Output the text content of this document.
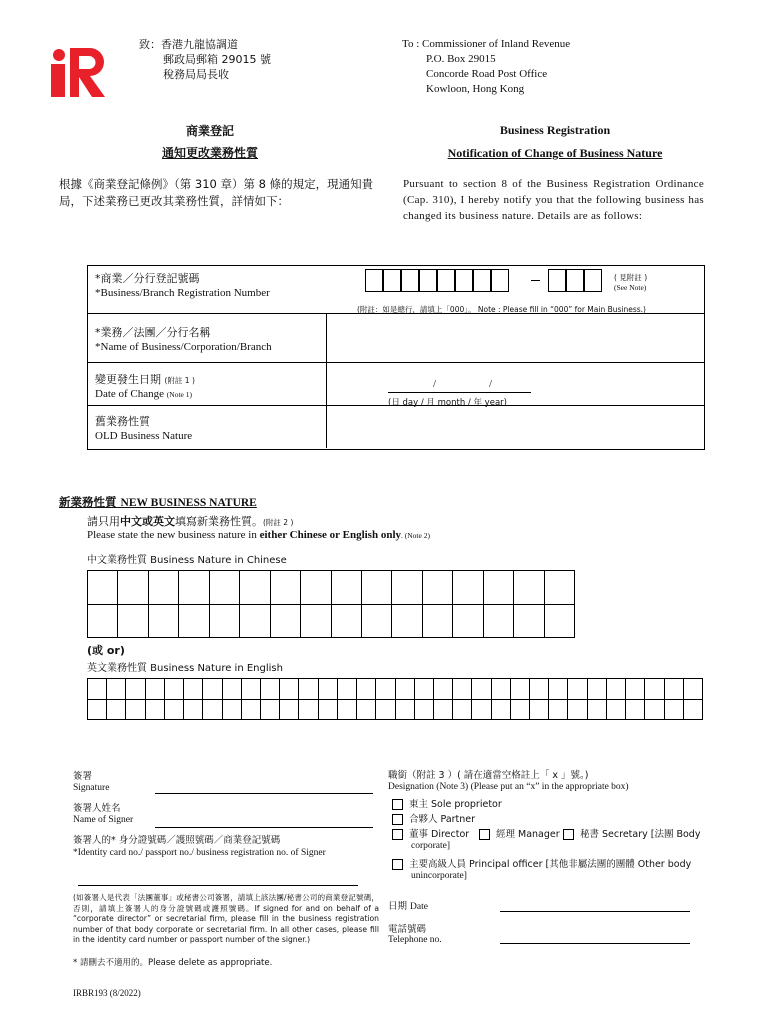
致：香港九龍協調道
郵政局郵箱 29015 號
稅務局局長收
To : Commissioner of Inland Revenue
P.O. Box 29015
Concorde Road Post Office
Kowloon, Hong Kong
商業登記
通知更改業務性質
Business Registration
Notification of Change of Business Nature
根據《商業登記條例》（第 310 章）第 8 條的規定，現通知貴局，下述業務已更改其業務性質，詳情如下：
Pursuant to section 8 of the Business Registration Ordinance (Cap. 310), I hereby notify you that the following business has changed its business nature. Details are as follows:
*商業／分行登記號碼
*Business/Branch Registration Number
( 見附註 )
(See Note)
(附註：如是總行，請填上「000」。 Note : Please fill in “000” for Main Business.)
*業務／法團／分行名稱
*Name of Business/Corporation/Branch
變更發生日期 (附註 1 )
Date of Change (Note 1)
/	/
(日 day / 月 month / 年 year)
舊業務性質
OLD Business Nature
新業務性質 NEW BUSINESS NATURE
請只用中文或英文填寫新業務性質。(附註 2 )
Please state the new business nature in either Chinese or English only. (Note 2)
中文業務性質 Business Nature in Chinese

(或 or)
英文業務性質 Business Nature in English

簽署
Signature
簽署人姓名
Name of Signer
簽署人的* 身分證號碼／護照號碼／商業登記號碼
*Identity card no./ passport no./ business registration no. of Signer
(如簽署人是代表「法團董事」或秘書公司簽署，請填上該法團/秘書公司的商業登記號碼，否則，請填上簽署人的身分證號碼或護照號碼。If signed for and on behalf of a “corporate director” or secretarial firm, please fill in the business registration number of that body corporate or secretarial firm. In all other cases, please fill in the identity card number or passport number of the signer.)
* 請刪去不適用的。Please delete as appropriate.
IRBR193 (8/2022)
職銜（附註 3 ）( 請在適當空格註上「 x 」號。)
Designation (Note 3) (Please put an “x” in the appropriate box)
東主 Sole proprietor
合夥人 Partner
董事 Director	經理 Manager	秘書 Secretary [法團 Body
corporate]
主要高級人員 Principal officer [其他非屬法團的團體 Other body
unincorporate]
日期 Date
電話號碼
Telephone no.
